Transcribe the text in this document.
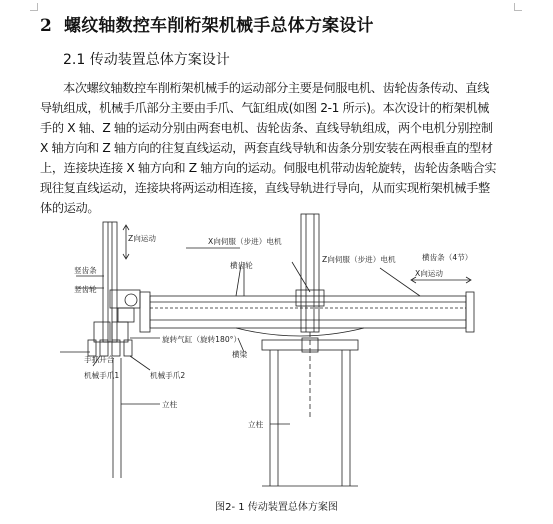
2 螺纹轴数控车削桁架机械手总体方案设计
2.1 传动装置总体方案设计
本次螺纹轴数控车削桁架机械手的运动部分主要是伺服电机、齿轮齿条传动、直线
导轨组成，机械手爪部分主要由手爪、气缸组成(如图 2-1 所示)。本次设计的桁架机械
手的 X 轴、Z 轴的运动分别由两套电机、齿轮齿条、直线导轨组成，两个电机分别控制
X 轴方向和 Z 轴方向的往复直线运动，两套直线导轨和齿条分别安装在两根垂直的型材
上，连接块连接 X 轴方向和 Z 轴方向的运动。伺服电机带动齿轮旋转，齿轮齿条啮合实
现往复直线运动，连接块将两运动相连接，直线导轨进行导向，从而实现桁架机械手整
体的运动。
Z向运动	X向伺服（步进）电机
竖齿条
竖齿轮
横齿轮
Z向伺服（步进）电机	横齿条（4节）
X向运动
手抓开合
旋转气缸（旋转180°）
横梁
机械手爪1	机械手爪2
立柱
立柱
图2- 1 传动装置总体方案图
